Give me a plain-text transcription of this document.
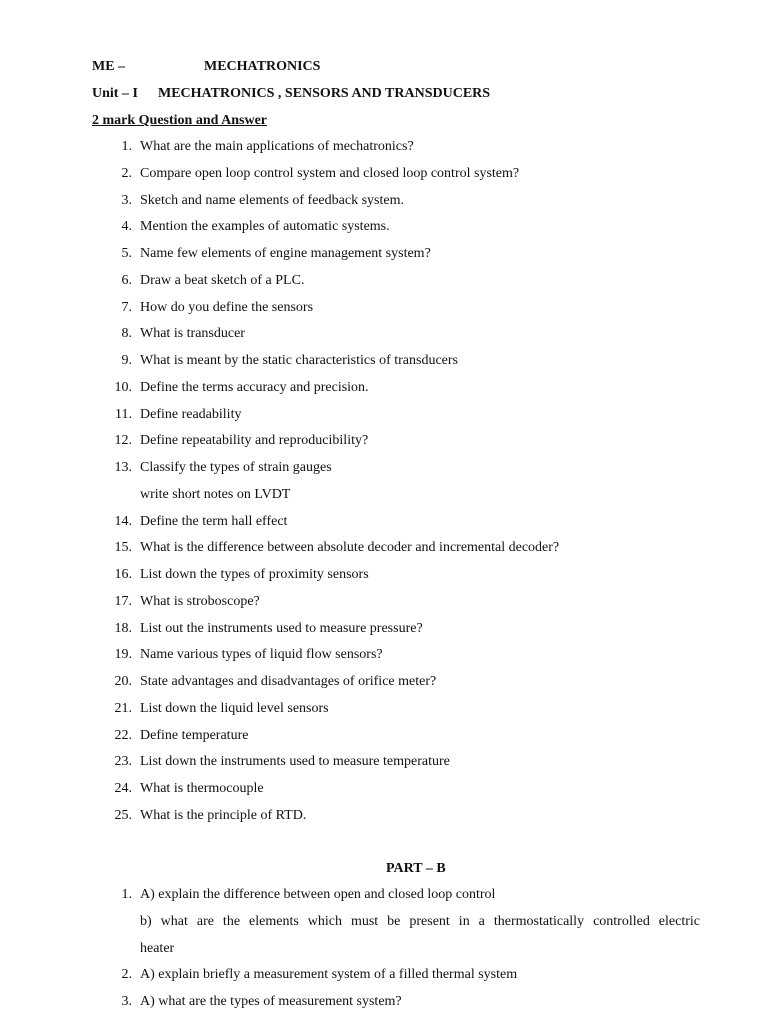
ME –	MECHATRONICS
Unit – I MECHATRONICS , SENSORS AND TRANSDUCERS
2 mark Question and Answer
1. What are the main applications of mechatronics?
2. Compare open loop control system and closed loop control system?
3. Sketch and name elements of feedback system.
4. Mention the examples of automatic systems.
5. Name few elements of engine management system?
6. Draw a beat sketch of a PLC.
7. How do you define the sensors
8. What is transducer
9. What is meant by the static characteristics of transducers
10. Define the terms accuracy and precision.
11. Define readability
12. Define repeatability and reproducibility?
13. Classify the types of strain gauges
write short notes on LVDT
14. Define the term hall effect
15. What is the difference between absolute decoder and incremental decoder?
16. List down the types of proximity sensors
17. What is stroboscope?
18. List out the instruments used to measure pressure?
19. Name various types of liquid flow sensors?
20. State advantages and disadvantages of orifice meter?
21. List down the liquid level sensors
22. Define temperature
23. List down the instruments used to measure temperature
24. What is thermocouple
25. What is the principle of RTD.
PART – B
1. A) explain the difference between open and closed loop control
b) what are the elements which must be present in a thermostatically controlled electric
heater
2. A) explain briefly a measurement system of a filled thermal system
3. A) what are the types of measurement system?
